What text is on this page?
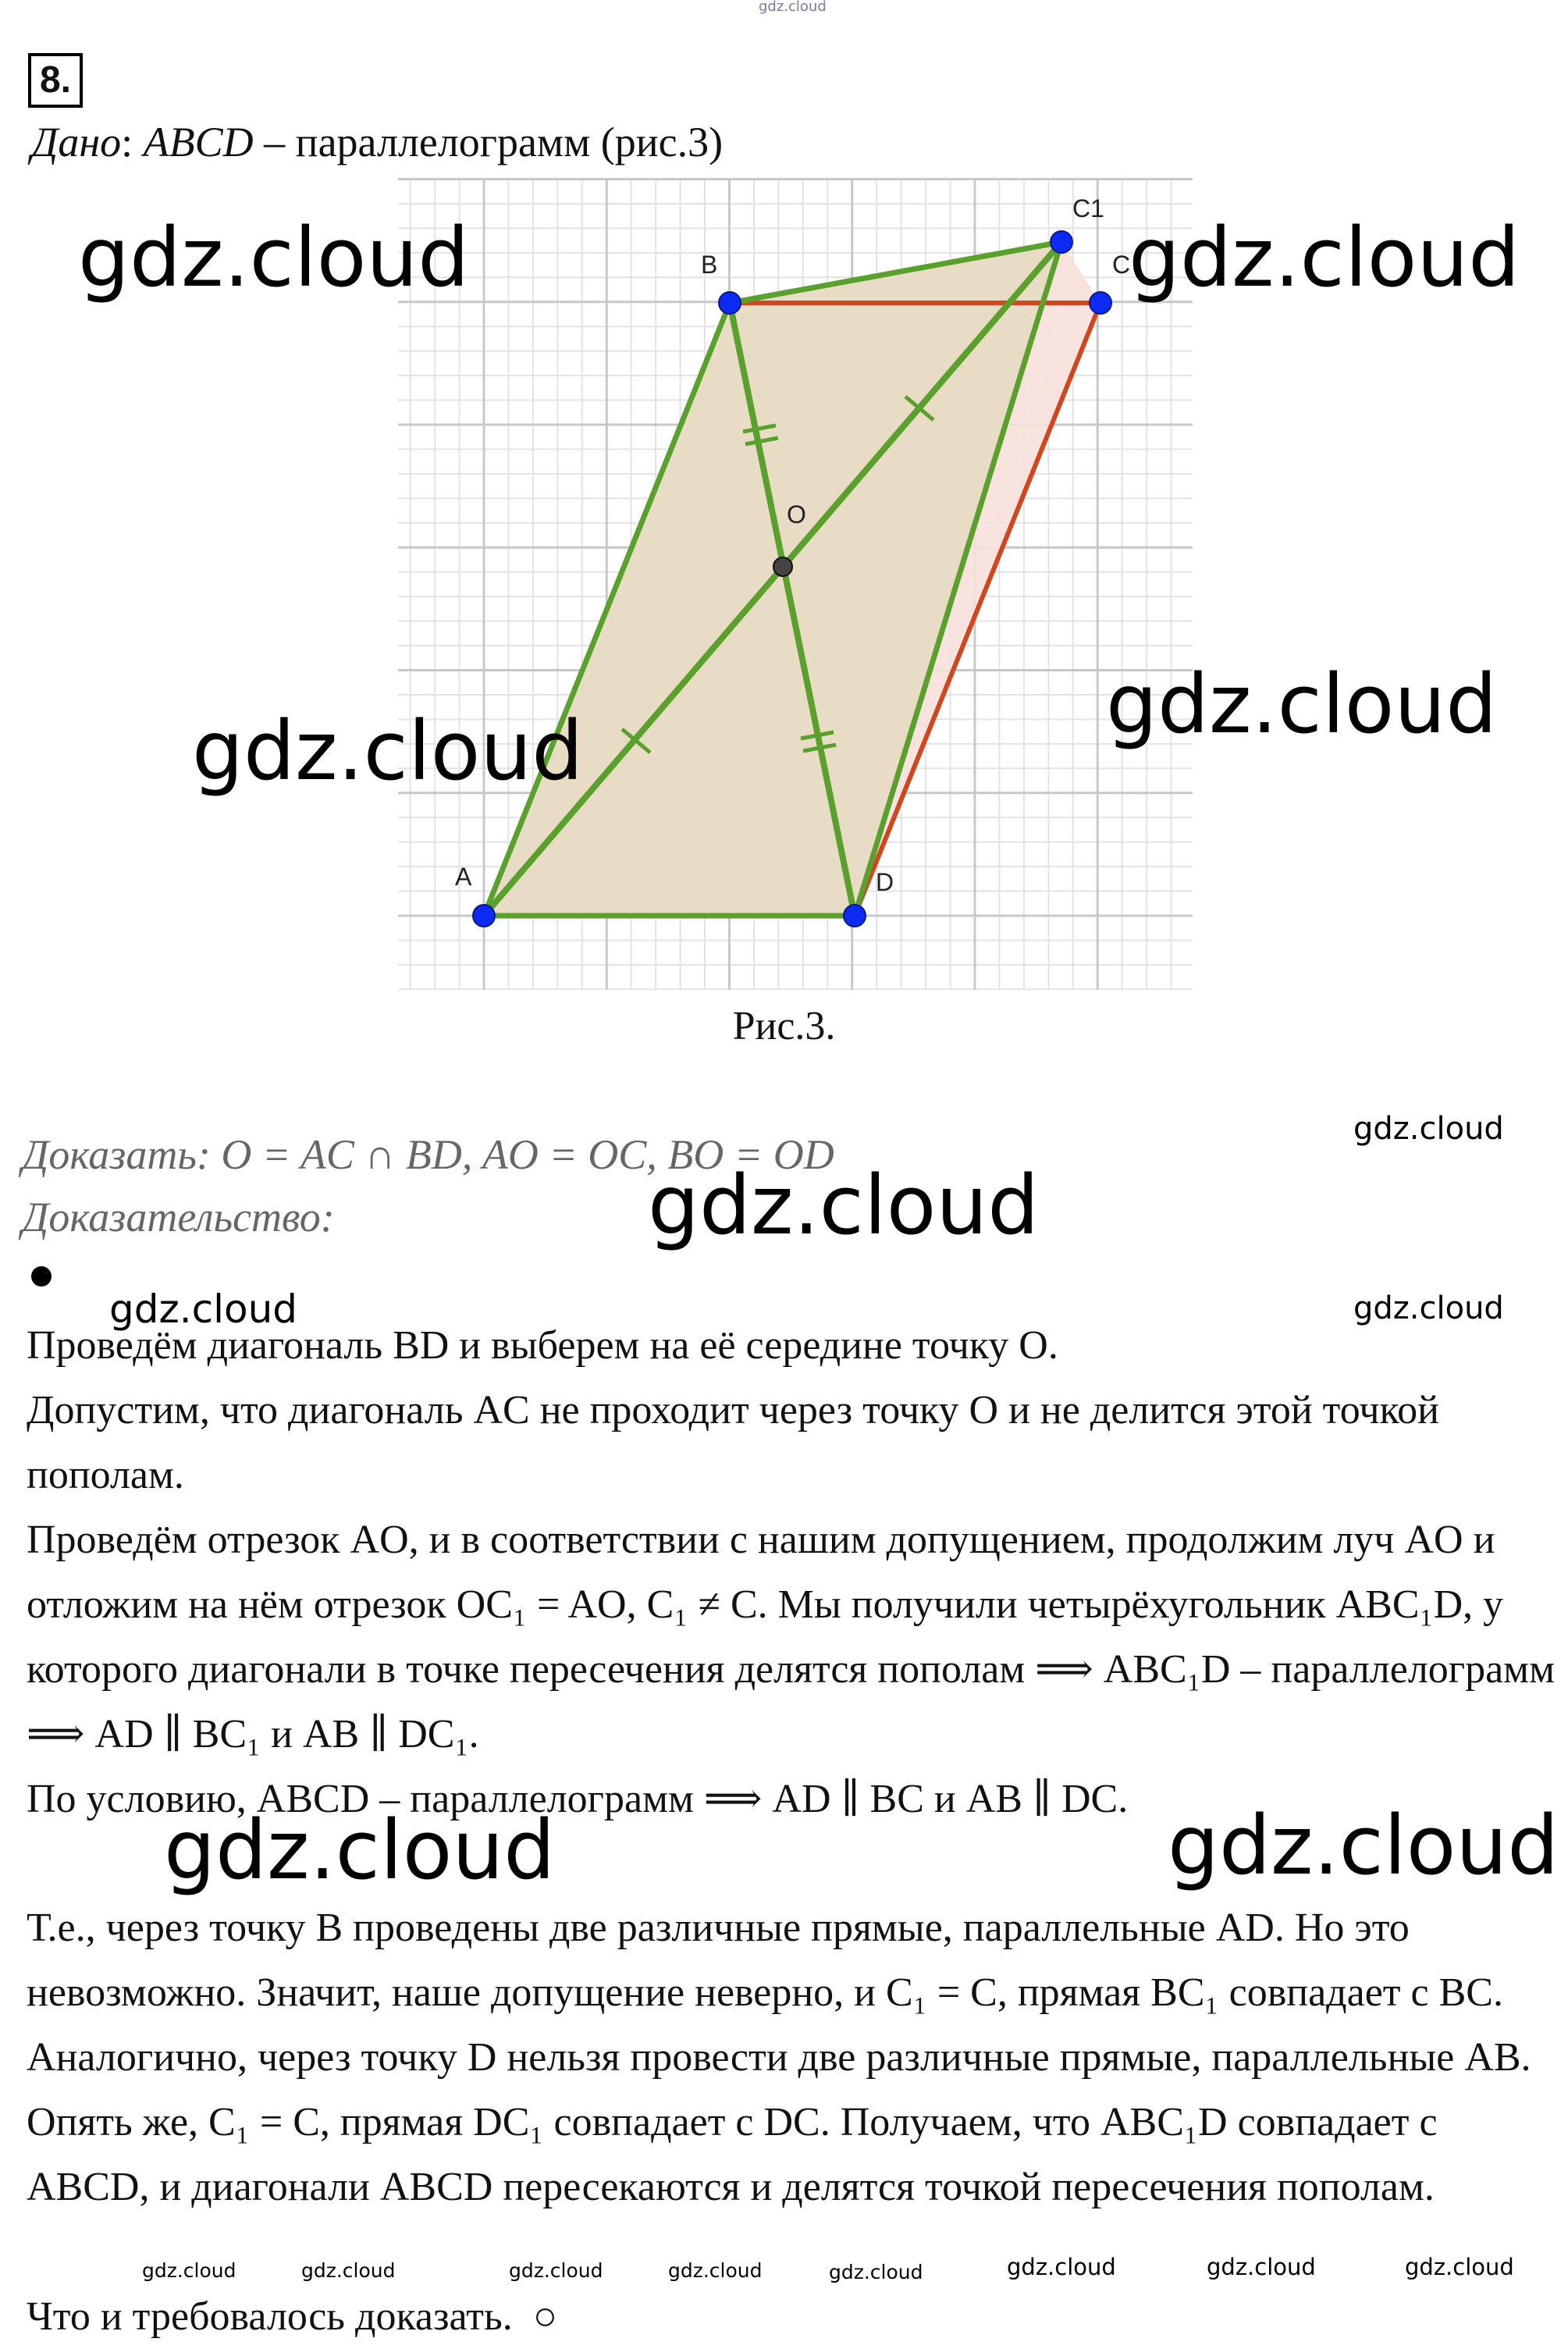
gdz.cloud
8.
Дано: ABCD – параллелограмм (рис.3)
A
B
C1
C
D
O
gdz.cloud	gdz.cloud
gdz.cloud
gdz.cloud
Рис.3.
Доказать: O = AC ∩ BD, AO = OC, BO = OD
Доказательство:
gdz.cloud
gdz.cloud
gdz.cloud	gdz.cloud
Проведём диагональ BD и выберем на её середине точку O.
Допустим, что диагональ AC не проходит через точку O и не делится этой точкой пополам.
Проведём отрезок AO, и в соответствии с нашим допущением, продолжим луч AO и отложим на нём отрезок OC₁ = AO, C₁ ≠ C. Мы получили четырёхугольник ABC₁D, у которого диагонали в точке пересечения делятся пополам ⟹ ABC₁D – параллелограмм ⟹ AD ∥ BC₁ и AB ∥ DC₁.
По условию, ABCD – параллелограмм ⟹ AD ∥ BC и AB ∥ DC.
gdz.cloud	gdz.cloud
Т.е., через точку B проведены две различные прямые, параллельные AD. Но это невозможно. Значит, наше допущение неверно, и C₁ = C, прямая BC₁ совпадает с BC. Аналогично, через точку D нельзя провести две различные прямые, параллельные AB. Опять же, C₁ = C, прямая DC₁ совпадает с DC. Получаем, что ABC₁D совпадает с ABCD, и диагонали ABCD пересекаются и делятся точкой пересечения пополам.
gdz.cloud	gdz.cloud	gdz.cloud	gdz.cloud	gdz.cloud	gdz.cloud	gdz.cloud	gdz.cloud
Что и требовалось доказать. ○
